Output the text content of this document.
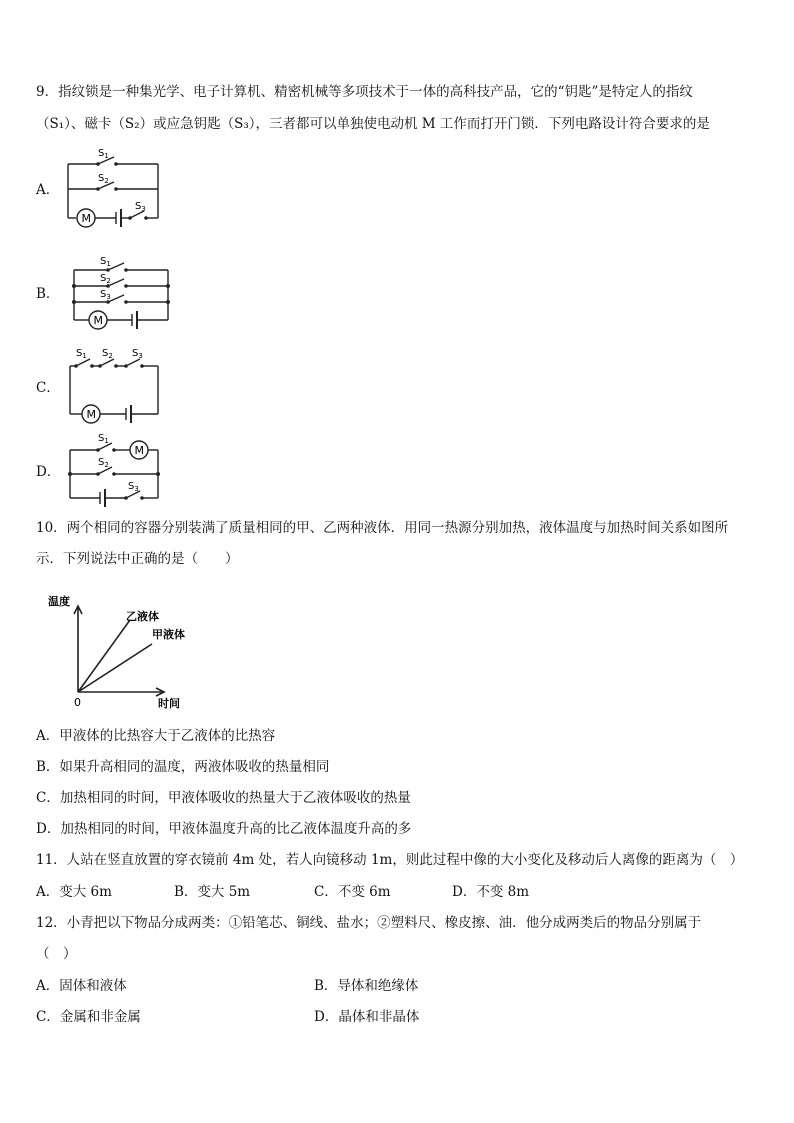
9．指纹锁是一种集光学、电子计算机、精密机械等多项技术于一体的高科技产品，它的“钥匙”是特定人的指纹
（S₁）、磁卡（S₂）或应急钥匙（S₃），三者都可以单独使电动机 M 工作而打开门锁．下列电路设计符合要求的是
A．
$S_1$
$S_2$
$S_3$
M
B．
$S_1$
$S_2$
$S_3$
M
C．
$S_1$ $S_2$ $S_3$
M
D．
$S_1$
$S_2$
$S_3$
M
10．两个相同的容器分别装满了质量相同的甲、乙两种液体．用同一热源分别加热，液体温度与加热时间关系如图所
示．下列说法中正确的是（　　）
温度
乙液体
甲液体
0	时间
A．甲液体的比热容大于乙液体的比热容
B．如果升高相同的温度，两液体吸收的热量相同
C．加热相同的时间，甲液体吸收的热量大于乙液体吸收的热量
D．加热相同的时间，甲液体温度升高的比乙液体温度升高的多
11．人站在竖直放置的穿衣镜前 4m 处，若人向镜移动 1m，则此过程中像的大小变化及移动后人离像的距离为（　）
A．变大 6m	B．变大 5m	C．不变 6m	D．不变 8m
12．小青把以下物品分成两类：①铅笔芯、铜线、盐水；②塑料尺、橡皮擦、油．他分成两类后的物品分别属于
（　）
A．固体和液体	B．导体和绝缘体
C．金属和非金属	D．晶体和非晶体
